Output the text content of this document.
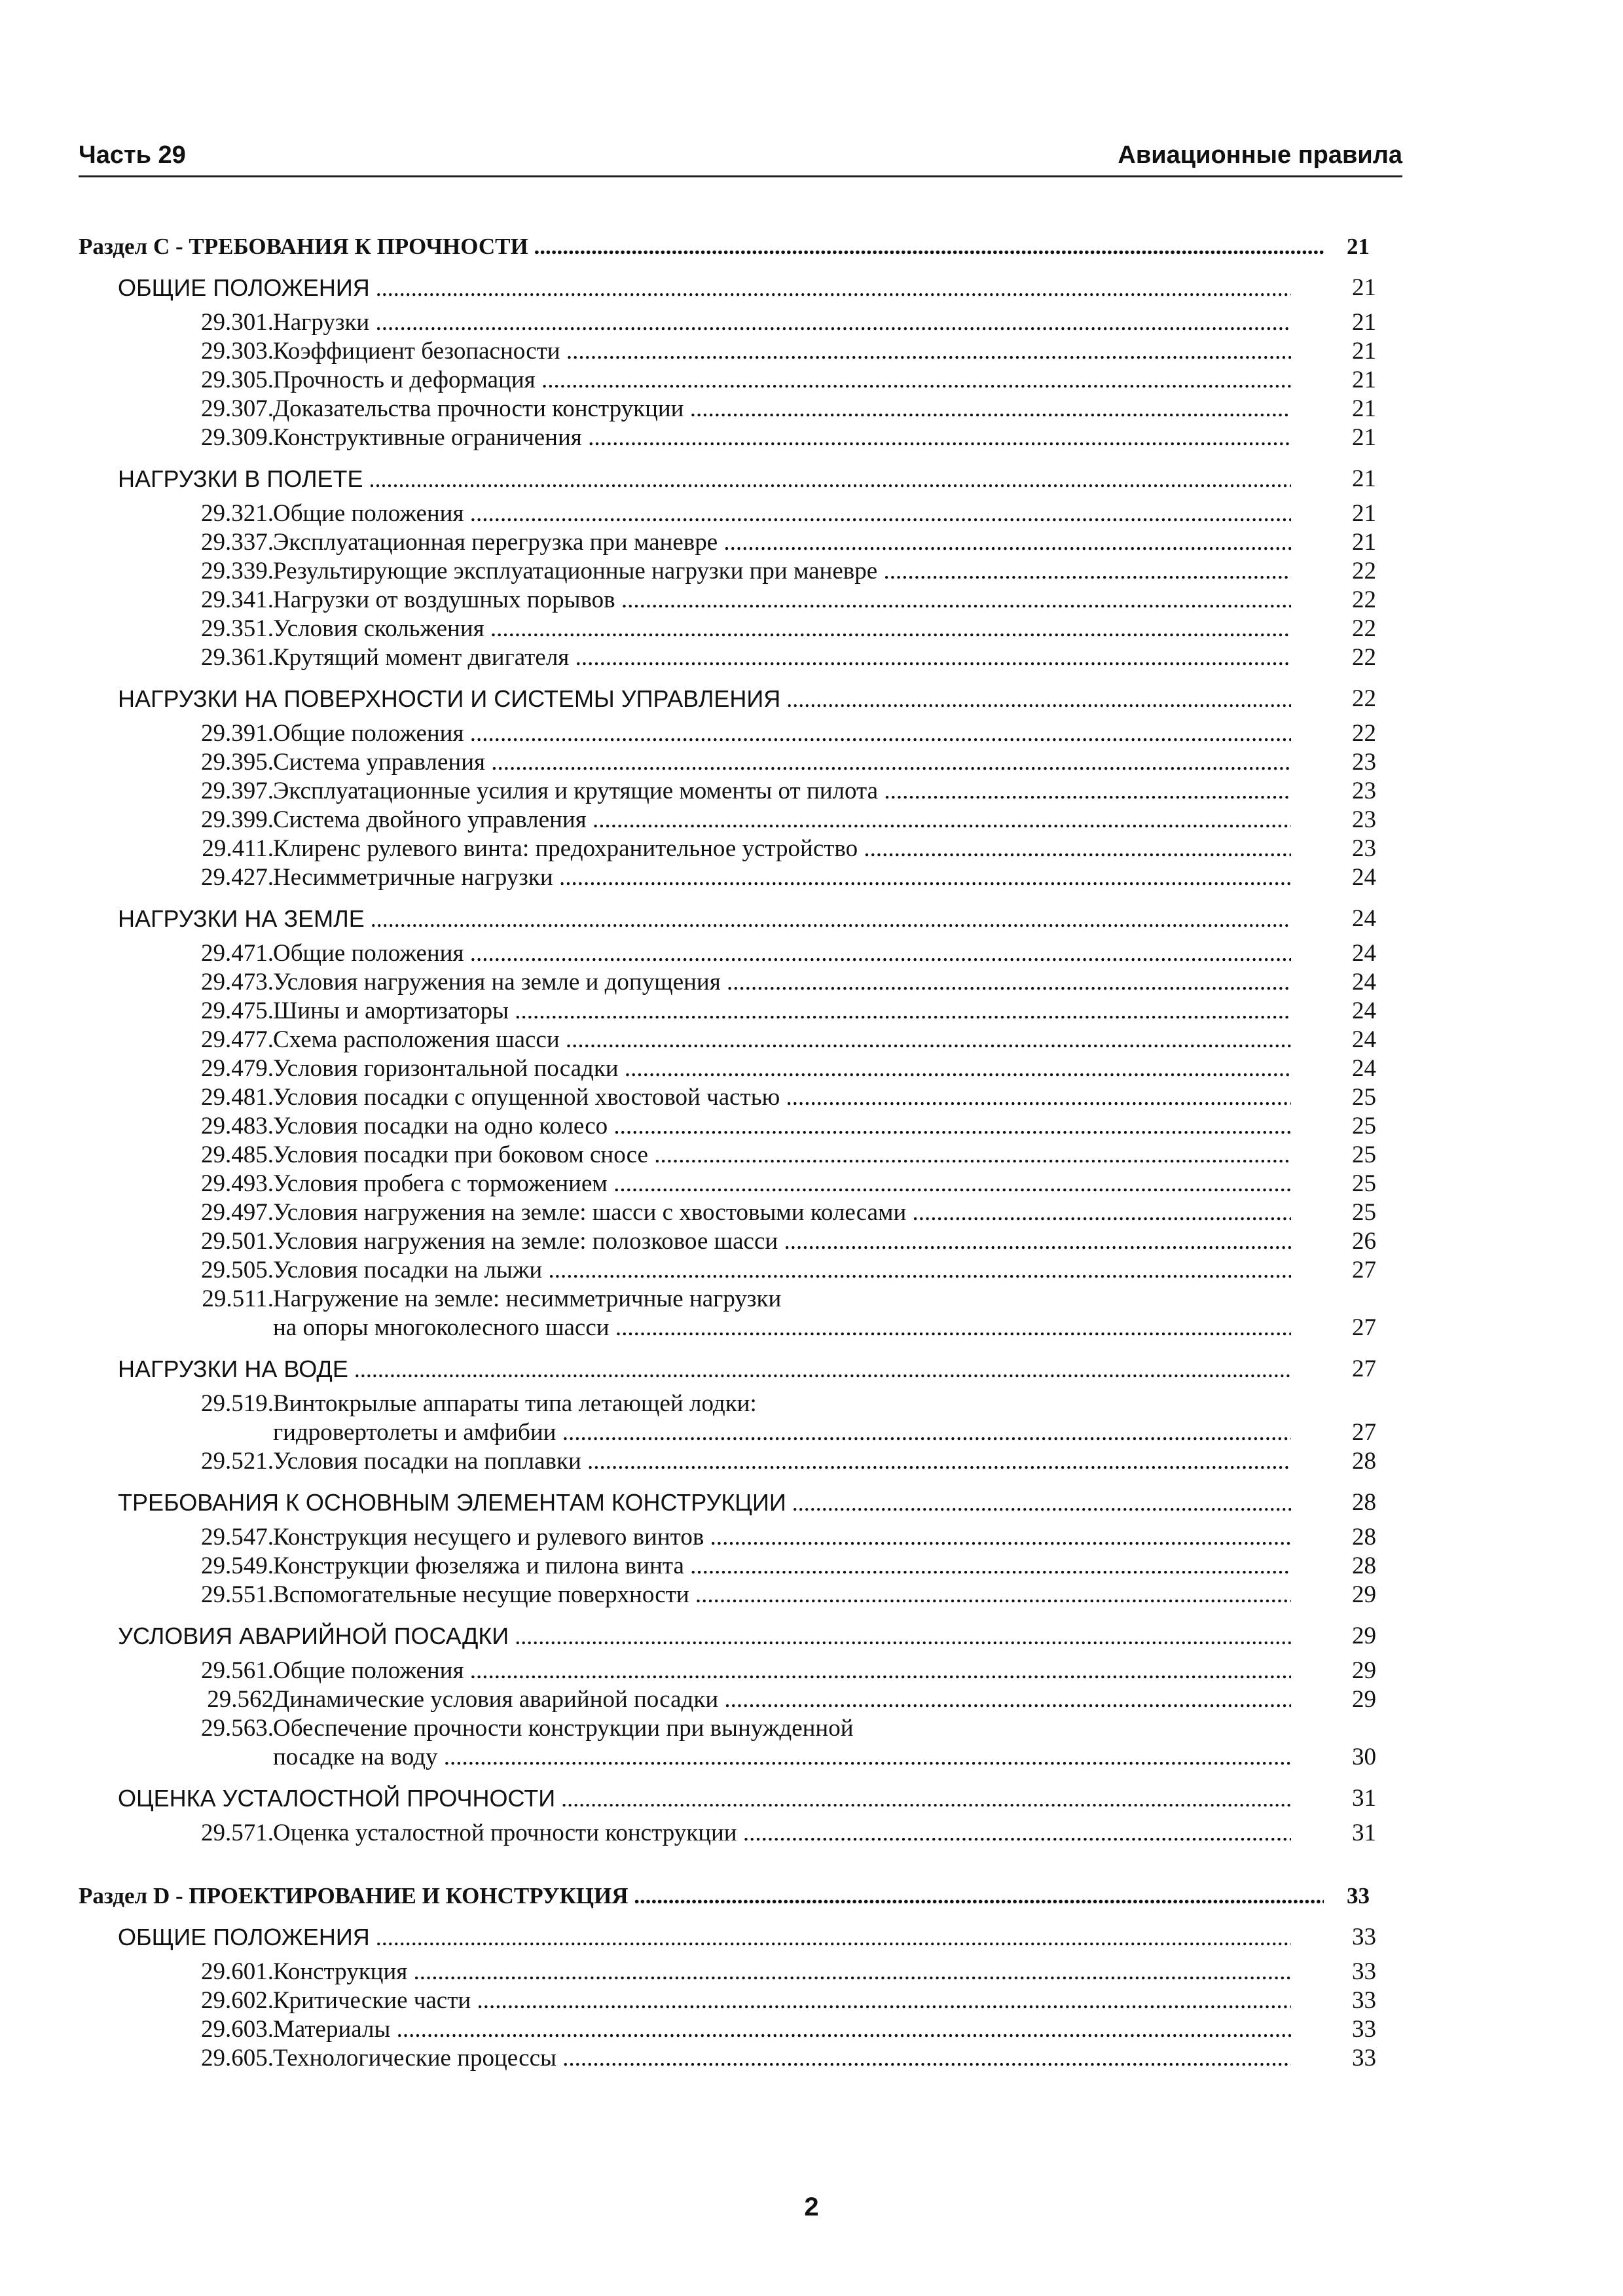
Часть 29	Авиационные правила
Раздел С - ТРЕБОВАНИЯ К ПРОЧНОСТИ .....	21
ОБЩИЕ ПОЛОЖЕНИЯ .....	21
29.301. Нагрузки .....	21
29.303. Коэффициент безопасности .....	21
29.305. Прочность и деформация .....	21
29.307. Доказательства прочности конструкции .....	21
29.309. Конструктивные ограничения .....	21
НАГРУЗКИ В ПОЛЕТЕ .....	21
29.321. Общие положения .....	21
29.337. Эксплуатационная перегрузка при маневре .....	21
29.339. Результирующие эксплуатационные нагрузки при маневре .....	22
29.341. Нагрузки от воздушных порывов .....	22
29.351. Условия скольжения .....	22
29.361. Крутящий момент двигателя .....	22
НАГРУЗКИ НА ПОВЕРХНОСТИ И СИСТЕМЫ УПРАВЛЕНИЯ .....	22
29.391. Общие положения .....	22
29.395. Система управления .....	23
29.397. Эксплуатационные усилия и крутящие моменты от пилота .....	23
29.399. Система двойного управления .....	23
29.411. Клиренс рулевого винта: предохранительное устройство .....	23
29.427. Несимметричные нагрузки .....	24
НАГРУЗКИ НА ЗЕМЛЕ .....	24
29.471. Общие положения .....	24
29.473. Условия нагружения на земле и допущения .....	24
29.475. Шины и амортизаторы .....	24
29.477. Схема расположения шасси .....	24
29.479. Условия горизонтальной посадки .....	24
29.481. Условия посадки с опущенной хвостовой частью .....	25
29.483. Условия посадки на одно колесо .....	25
29.485. Условия посадки при боковом сносе .....	25
29.493. Условия пробега с торможением .....	25
29.497. Условия нагружения на земле: шасси с хвостовыми колесами .....	25
29.501. Условия нагружения на земле: полозковое шасси .....	26
29.505. Условия посадки на лыжи .....	27
29.511. Нагружение на земле: несимметричные нагрузки
на опоры многоколесного шасси .....	27
НАГРУЗКИ НА ВОДЕ .....	27
29.519. Винтокрылые аппараты типа летающей лодки:
гидровертолеты и амфибии .....	27
29.521. Условия посадки на поплавки .....	28
ТРЕБОВАНИЯ К ОСНОВНЫМ ЭЛЕМЕНТАМ КОНСТРУКЦИИ .....	28
29.547. Конструкция несущего и рулевого винтов .....	28
29.549. Конструкции фюзеляжа и пилона винта .....	28
29.551. Вспомогательные несущие поверхности .....	29
УСЛОВИЯ АВАРИЙНОЙ ПОСАДКИ .....	29
29.561. Общие положения .....	29
29.562 Динамические условия аварийной посадки .....	29
29.563. Обеспечение прочности конструкции при вынужденной
посадке на воду .....	30
ОЦЕНКА УСТАЛОСТНОЙ ПРОЧНОСТИ .....	31
29.571. Оценка усталостной прочности конструкции .....	31
Раздел D - ПРОЕКТИРОВАНИЕ И КОНСТРУКЦИЯ .....	33
ОБЩИЕ ПОЛОЖЕНИЯ .....	33
29.601. Конструкция .....	33
29.602. Критические части .....	33
29.603. Материалы .....	33
29.605. Технологические процессы .....	33
2
